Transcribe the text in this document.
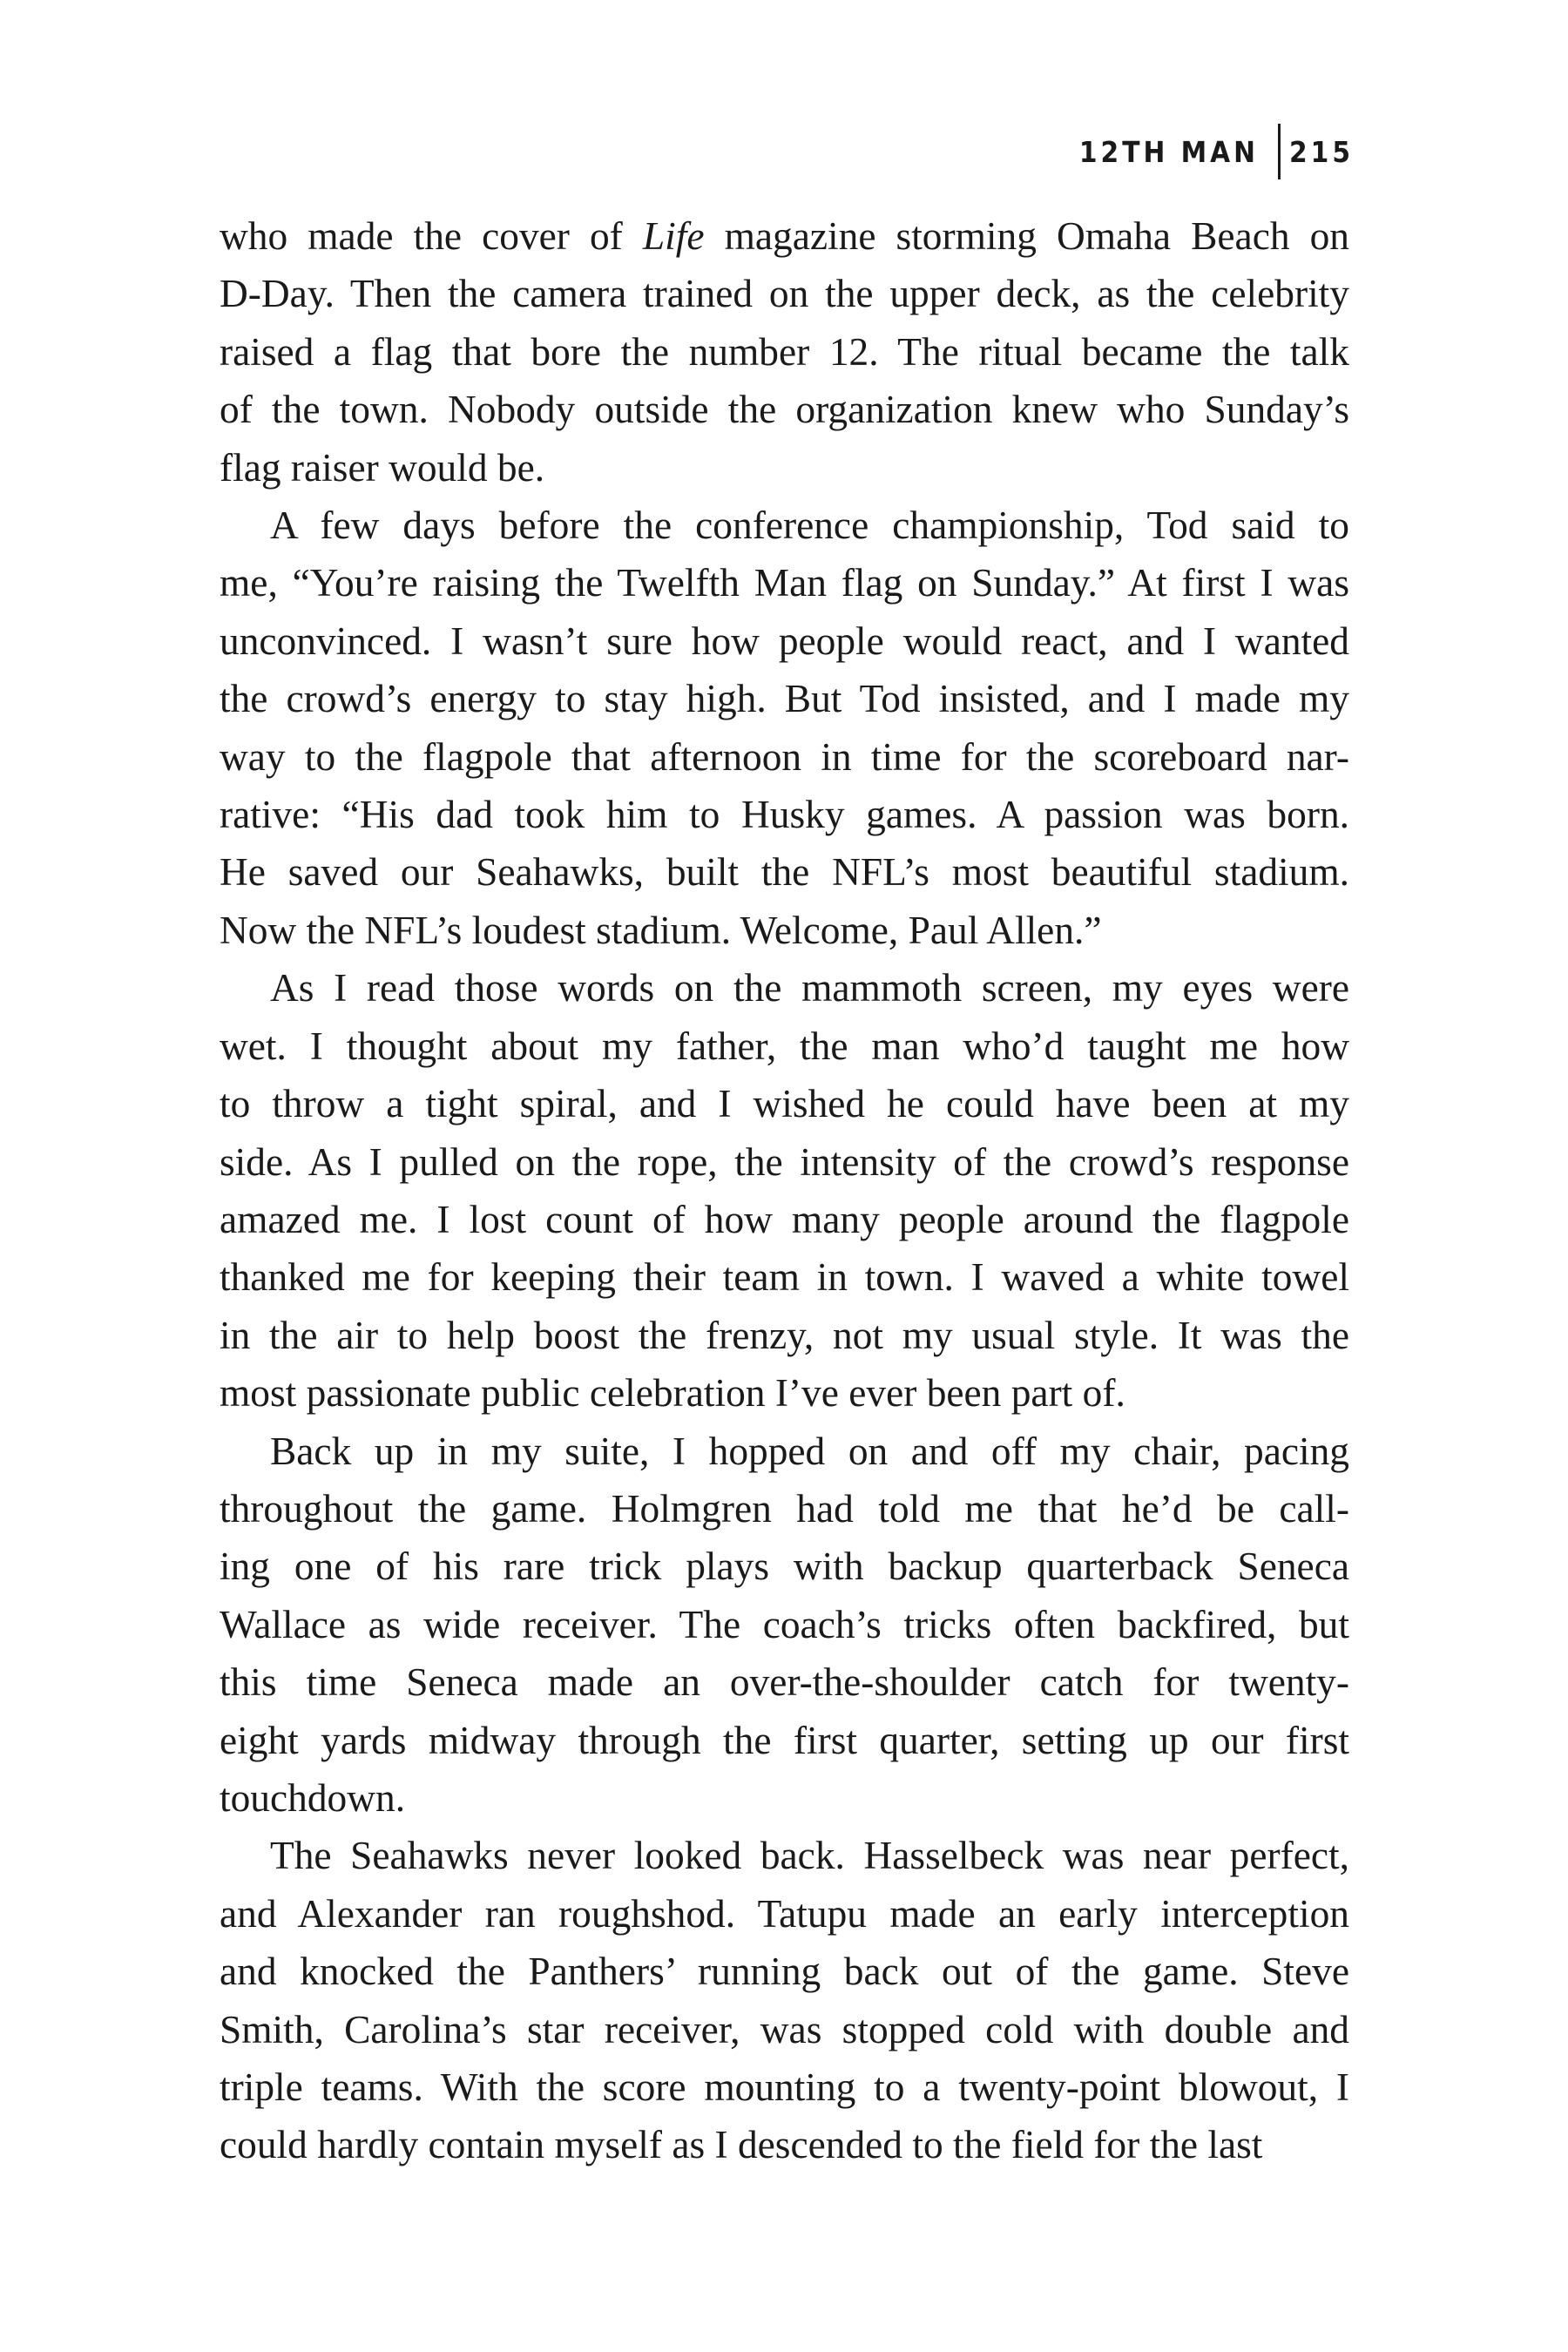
12TH MAN 215
who made the cover of Life magazine storming Omaha Beach on
D-Day. Then the camera trained on the upper deck, as the celebrity
raised a flag that bore the number 12. The ritual became the talk
of the town. Nobody outside the organization knew who Sunday’s
flag raiser would be.
A few days before the conference championship, Tod said to
me, “You’re raising the Twelfth Man flag on Sunday.” At first I was
unconvinced. I wasn’t sure how people would react, and I wanted
the crowd’s energy to stay high. But Tod insisted, and I made my
way to the flagpole that afternoon in time for the scoreboard nar-
rative: “His dad took him to Husky games. A passion was born.
He saved our Seahawks, built the NFL’s most beautiful stadium.
Now the NFL’s loudest stadium. Welcome, Paul Allen.”
As I read those words on the mammoth screen, my eyes were
wet. I thought about my father, the man who’d taught me how
to throw a tight spiral, and I wished he could have been at my
side. As I pulled on the rope, the intensity of the crowd’s response
amazed me. I lost count of how many people around the flagpole
thanked me for keeping their team in town. I waved a white towel
in the air to help boost the frenzy, not my usual style. It was the
most passionate public celebration I’ve ever been part of.
Back up in my suite, I hopped on and off my chair, pacing
throughout the game. Holmgren had told me that he’d be call-
ing one of his rare trick plays with backup quarterback Seneca
Wallace as wide receiver. The coach’s tricks often backfired, but
this time Seneca made an over-the-shoulder catch for twenty-
eight yards midway through the first quarter, setting up our first
touchdown.
The Seahawks never looked back. Hasselbeck was near perfect,
and Alexander ran roughshod. Tatupu made an early interception
and knocked the Panthers’ running back out of the game. Steve
Smith, Carolina’s star receiver, was stopped cold with double and
triple teams. With the score mounting to a twenty-point blowout, I
could hardly contain myself as I descended to the field for the last
